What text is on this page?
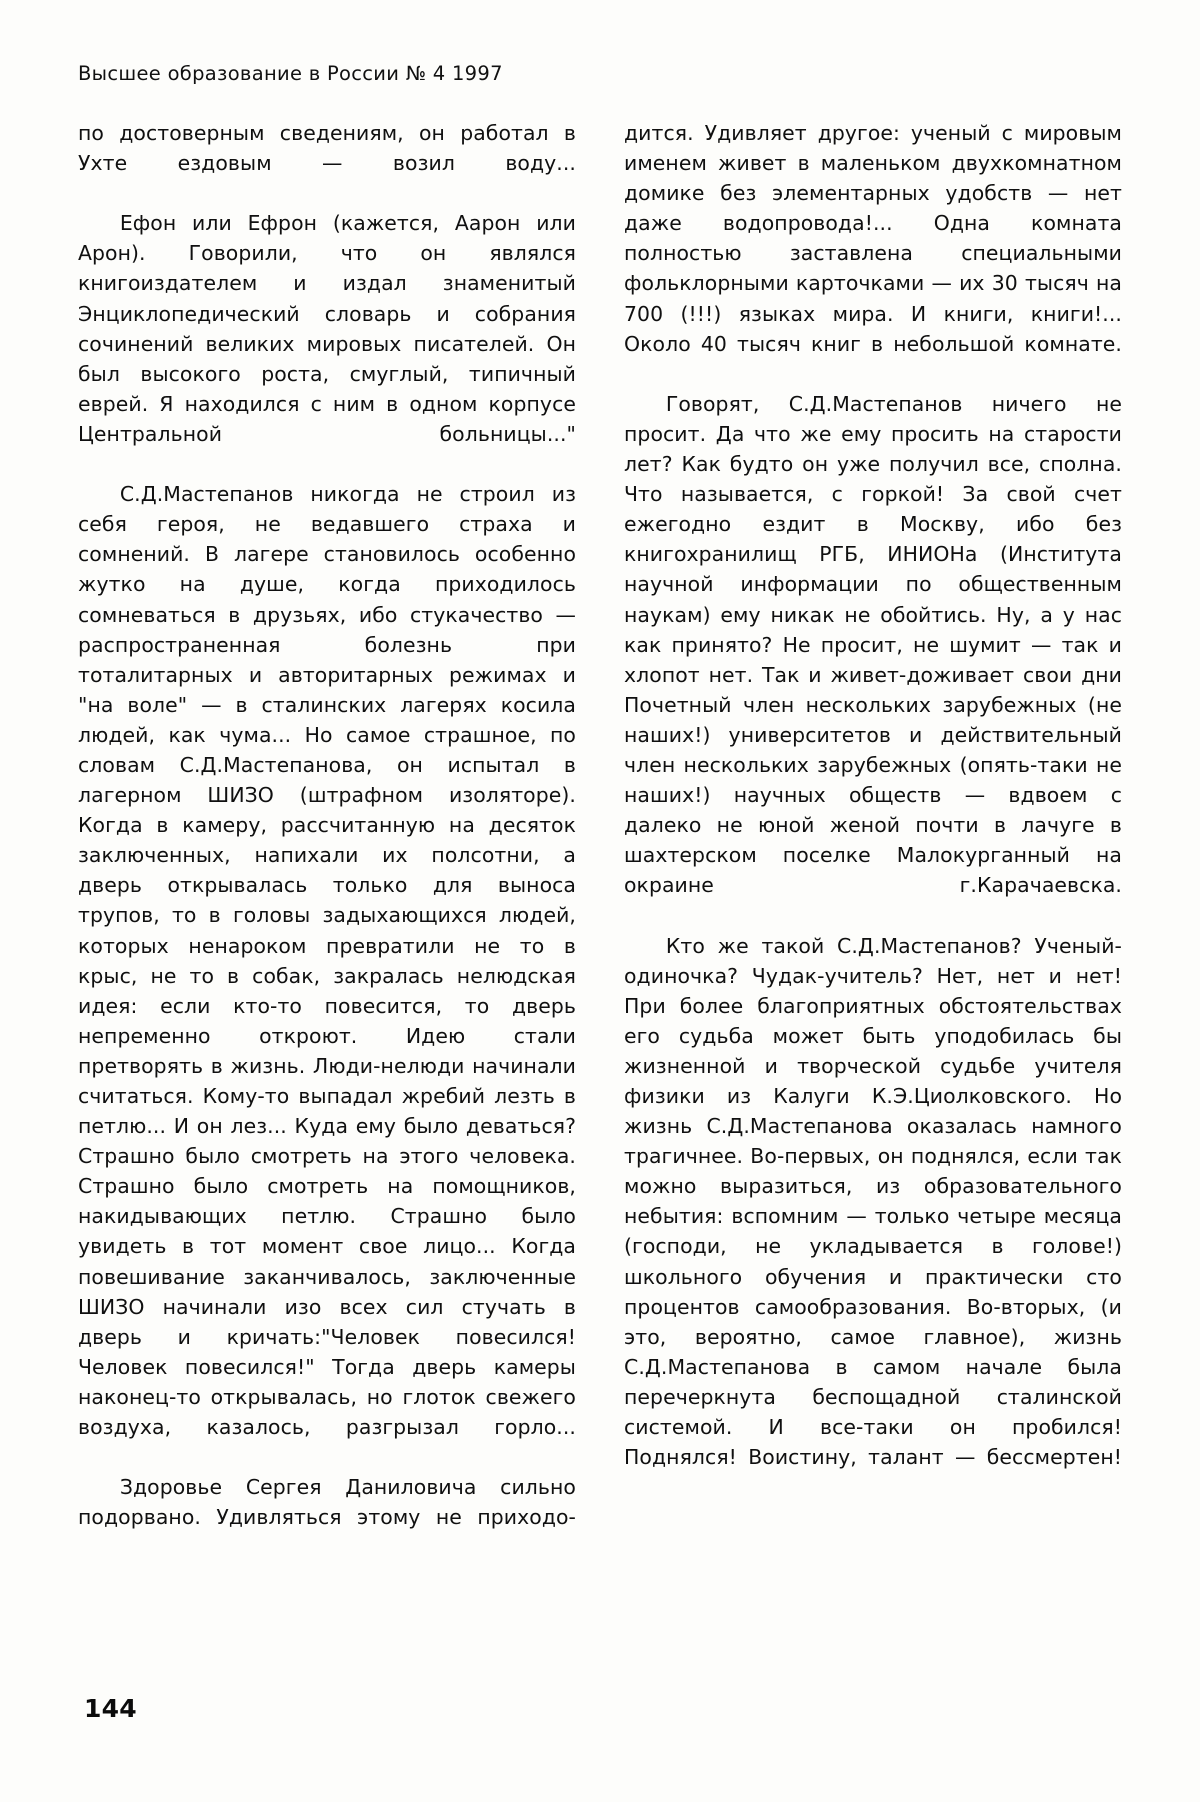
Высшее образование в России № 4 1997

по достоверным сведениям, он работал в Ухте ездовым — возил воду...

Ефон или Ефрон (кажется, Аарон или Арон). Говорили, что он являлся книгоиздателем и издал знаменитый Энциклопедический словарь и собрания сочинений великих мировых писателей. Он был высокого роста, смуглый, типичный еврей. Я находился с ним в одном корпусе Центральной больницы..."

С.Д.Мастепанов никогда не строил из себя героя, не ведавшего страха и сомнений. В лагере становилось особенно жутко на душе, когда приходилось сомневаться в друзьях, ибо стукачество — распространенная болезнь при тоталитарных и авторитарных режимах и "на воле" — в сталинских лагерях косила людей, как чума... Но самое страшное, по словам С.Д.Мастепанова, он испытал в лагерном ШИЗО (штрафном изоляторе). Когда в камеру, рассчитанную на десяток заключенных, напихали их полсотни, а дверь открывалась только для выноса трупов, то в головы задыхающихся людей, которых ненароком превратили не то в крыс, не то в собак, закралась нелюдская идея: если кто-то повесится, то дверь непременно откроют. Идею стали претворять в жизнь. Люди-нелюди начинали считаться. Кому-то выпадал жребий лезть в петлю... И он лез... Куда ему было деваться? Страшно было смотреть на этого человека. Страшно было смотреть на помощников, накидывающих петлю. Страшно было увидеть в тот момент свое лицо... Когда повешивание заканчивалось, заключенные ШИЗО начинали изо всех сил стучать в дверь и кричать:"Человек повесился! Человек повесился!" Тогда дверь камеры наконец-то открывалась, но глоток свежего воздуха, казалось, разгрызал горло...

Здоровье Сергея Даниловича сильно подорвано. Удивляться этому не приходо-

дится. Удивляет другое: ученый с мировым именем живет в маленьком двухкомнатном домике без элементарных удобств — нет даже водопровода!... Одна комната полностью заставлена специальными фольклорными карточками — их 30 тысяч на 700 (!!!) языках мира. И книги, книги!... Около 40 тысяч книг в небольшой комнате.

Говорят, С.Д.Мастепанов ничего не просит. Да что же ему просить на старости лет? Как будто он уже получил все, сполна. Что называется, с горкой! За свой счет ежегодно ездит в Москву, ибо без книгохранилищ РГБ, ИНИОНа (Института научной информации по общественным наукам) ему никак не обойтись. Ну, а у нас как принято? Не просит, не шумит — так и хлопот нет. Так и живет-доживает свои дни Почетный член нескольких зарубежных (не наших!) университетов и действительный член нескольких зарубежных (опять-таки не наших!) научных обществ — вдвоем с далеко не юной женой почти в лачуге в шахтерском поселке Малокурганный на окраине г.Карачаевска.

Кто же такой С.Д.Мастепанов? Ученый-одиночка? Чудак-учитель? Нет, нет и нет! При более благоприятных обстоятельствах его судьба может быть уподобилась бы жизненной и творческой судьбе учителя физики из Калуги К.Э.Циолковского. Но жизнь С.Д.Мастепанова оказалась намного трагичнее. Во-первых, он поднялся, если так можно выразиться, из образовательного небытия: вспомним — только четыре месяца (господи, не укладывается в голове!) школьного обучения и практически сто процентов самообразования. Во-вторых, (и это, вероятно, самое главное), жизнь С.Д.Мастепанова в самом начале была перечеркнута беспощадной сталинской системой. И все-таки он пробился! Поднялся! Воистину, талант — бессмертен!

144
